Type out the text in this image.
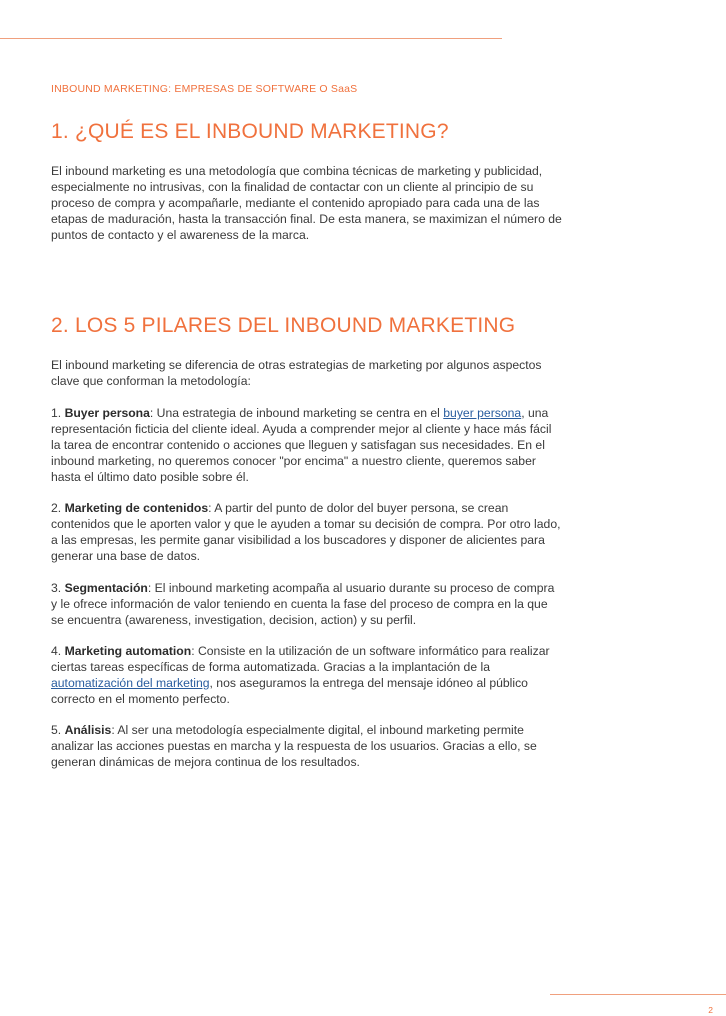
INBOUND MARKETING: EMPRESAS DE SOFTWARE O SaaS
1. ¿QUÉ ES EL INBOUND MARKETING?

El inbound marketing es una metodología que combina técnicas de marketing y publicidad, especialmente no intrusivas, con la finalidad de contactar con un cliente al principio de su proceso de compra y acompañarle, mediante el contenido apropiado para cada una de las etapas de maduración, hasta la transacción final. De esta manera, se maximizan el número de puntos de contacto y el awareness de la marca.

2. LOS 5 PILARES DEL INBOUND MARKETING

El inbound marketing se diferencia de otras estrategias de marketing por algunos aspectos clave que conforman la metodología:

1. Buyer persona: Una estrategia de inbound marketing se centra en el buyer persona, una representación ficticia del cliente ideal. Ayuda a comprender mejor al cliente y hace más fácil la tarea de encontrar contenido o acciones que lleguen y satisfagan sus necesidades. En el inbound marketing, no queremos conocer "por encima" a nuestro cliente, queremos saber hasta el último dato posible sobre él.

2. Marketing de contenidos: A partir del punto de dolor del buyer persona, se crean contenidos que le aporten valor y que le ayuden a tomar su decisión de compra. Por otro lado, a las empresas, les permite ganar visibilidad a los buscadores y disponer de alicientes para generar una base de datos.

3. Segmentación: El inbound marketing acompaña al usuario durante su proceso de compra y le ofrece información de valor teniendo en cuenta la fase del proceso de compra en la que se encuentra (awareness, investigation, decision, action) y su perfil.

4. Marketing automation: Consiste en la utilización de un software informático para realizar ciertas tareas específicas de forma automatizada. Gracias a la implantación de la automatización del marketing, nos aseguramos la entrega del mensaje idóneo al público correcto en el momento perfecto.

5. Análisis: Al ser una metodología especialmente digital, el inbound marketing permite analizar las acciones puestas en marcha y la respuesta de los usuarios. Gracias a ello, se generan dinámicas de mejora continua de los resultados.

2
